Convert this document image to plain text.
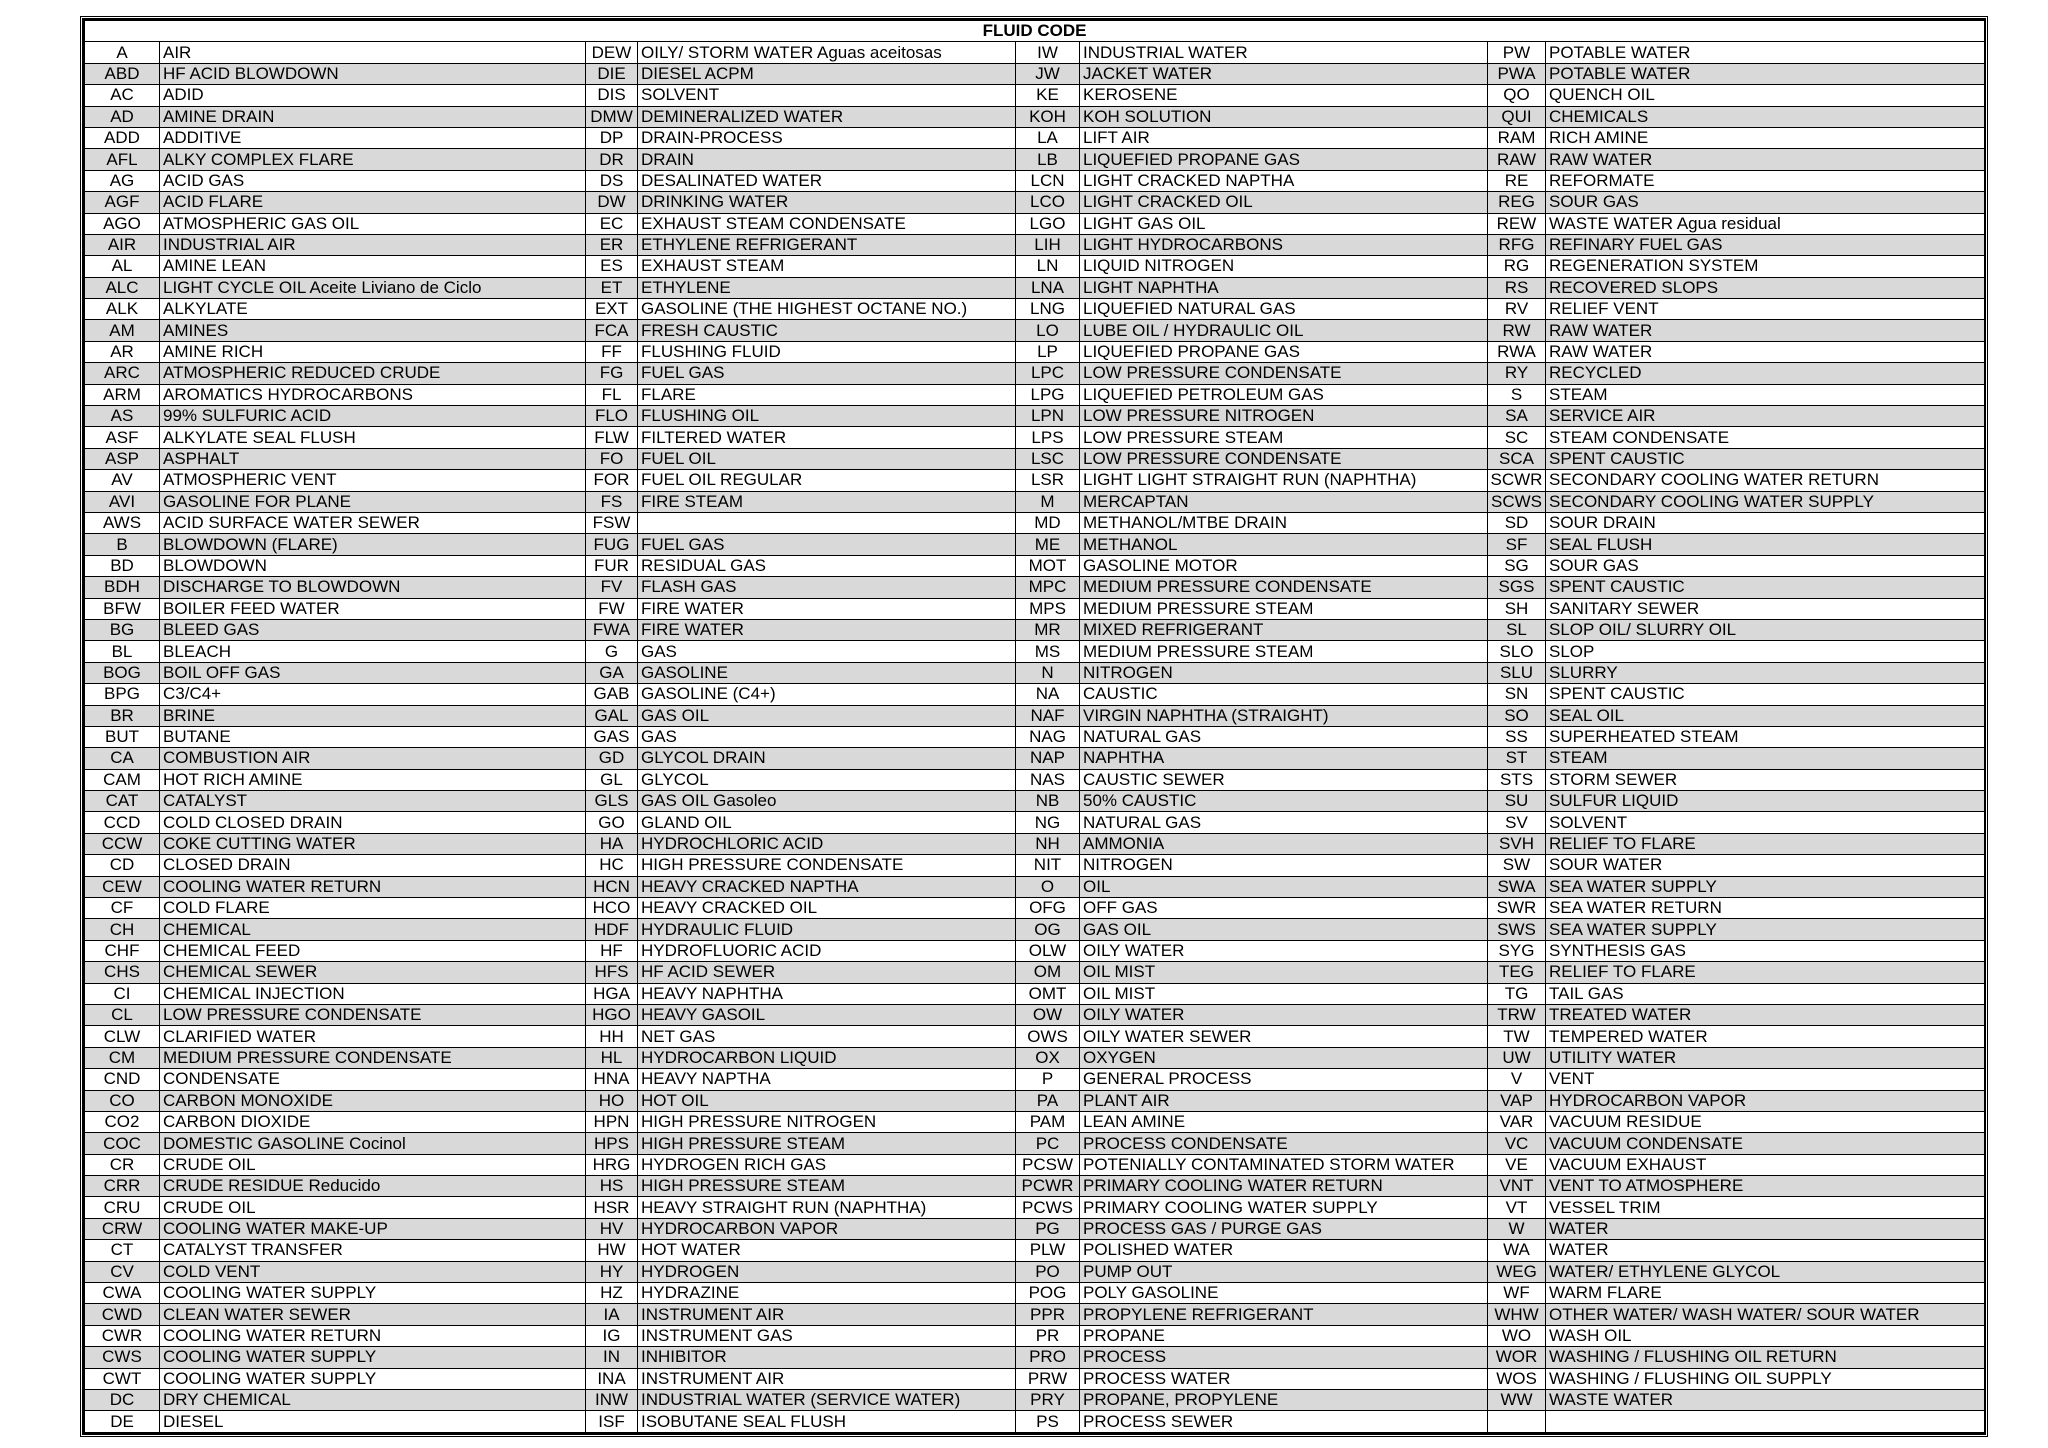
FLUID CODE							
A	AIR	DEW	OILY/ STORM WATER Aguas aceitosas	IW	INDUSTRIAL WATER	PW	POTABLE WATER
ABD	HF ACID BLOWDOWN	DIE	DIESEL ACPM	JW	JACKET WATER	PWA	POTABLE WATER
AC	ADID	DIS	SOLVENT	KE	KEROSENE	QO	QUENCH OIL
AD	AMINE DRAIN	DMW	DEMINERALIZED WATER	KOH	KOH SOLUTION	QUI	CHEMICALS
ADD	ADDITIVE	DP	DRAIN-PROCESS	LA	LIFT AIR	RAM	RICH AMINE
AFL	ALKY COMPLEX FLARE	DR	DRAIN	LB	LIQUEFIED PROPANE GAS	RAW	RAW WATER
AG	ACID GAS	DS	DESALINATED WATER	LCN	LIGHT CRACKED NAPTHA	RE	REFORMATE
AGF	ACID FLARE	DW	DRINKING WATER	LCO	LIGHT CRACKED OIL	REG	SOUR GAS
AGO	ATMOSPHERIC GAS OIL	EC	EXHAUST STEAM CONDENSATE	LGO	LIGHT GAS OIL	REW	WASTE WATER Agua residual
AIR	INDUSTRIAL AIR	ER	ETHYLENE REFRIGERANT	LIH	LIGHT HYDROCARBONS	RFG	REFINARY FUEL GAS
AL	AMINE LEAN	ES	EXHAUST STEAM	LN	LIQUID NITROGEN	RG	REGENERATION SYSTEM
ALC	LIGHT CYCLE OIL Aceite Liviano de Ciclo	ET	ETHYLENE	LNA	LIGHT NAPHTHA	RS	RECOVERED SLOPS
ALK	ALKYLATE	EXT	GASOLINE (THE HIGHEST OCTANE NO.)	LNG	LIQUEFIED NATURAL GAS	RV	RELIEF VENT
AM	AMINES	FCA	FRESH CAUSTIC	LO	LUBE OIL / HYDRAULIC OIL	RW	RAW WATER
AR	AMINE RICH	FF	FLUSHING FLUID	LP	LIQUEFIED PROPANE GAS	RWA	RAW WATER
ARC	ATMOSPHERIC REDUCED CRUDE	FG	FUEL GAS	LPC	LOW PRESSURE CONDENSATE	RY	RECYCLED
ARM	AROMATICS HYDROCARBONS	FL	FLARE	LPG	LIQUEFIED PETROLEUM GAS	S	STEAM
AS	99% SULFURIC ACID	FLO	FLUSHING OIL	LPN	LOW PRESSURE NITROGEN	SA	SERVICE AIR
ASF	ALKYLATE SEAL FLUSH	FLW	FILTERED WATER	LPS	LOW PRESSURE STEAM	SC	STEAM CONDENSATE
ASP	ASPHALT	FO	FUEL OIL	LSC	LOW PRESSURE CONDENSATE	SCA	SPENT CAUSTIC
AV	ATMOSPHERIC VENT	FOR	FUEL OIL REGULAR	LSR	LIGHT LIGHT STRAIGHT RUN (NAPHTHA)	SCWR	SECONDARY COOLING WATER RETURN
AVI	GASOLINE FOR PLANE	FS	FIRE STEAM	M	MERCAPTAN	SCWS	SECONDARY COOLING WATER SUPPLY
AWS	ACID SURFACE WATER SEWER	FSW		MD	METHANOL/MTBE DRAIN	SD	SOUR DRAIN
B	BLOWDOWN (FLARE)	FUG	FUEL GAS	ME	METHANOL	SF	SEAL FLUSH
BD	BLOWDOWN	FUR	RESIDUAL GAS	MOT	GASOLINE MOTOR	SG	SOUR GAS
BDH	DISCHARGE TO BLOWDOWN	FV	FLASH GAS	MPC	MEDIUM PRESSURE CONDENSATE	SGS	SPENT CAUSTIC
BFW	BOILER FEED WATER	FW	FIRE WATER	MPS	MEDIUM PRESSURE STEAM	SH	SANITARY SEWER
BG	BLEED GAS	FWA	FIRE WATER	MR	MIXED REFRIGERANT	SL	SLOP OIL/ SLURRY OIL
BL	BLEACH	G	GAS	MS	MEDIUM PRESSURE STEAM	SLO	SLOP
BOG	BOIL OFF GAS	GA	GASOLINE	N	NITROGEN	SLU	SLURRY
BPG	C3/C4+	GAB	GASOLINE (C4+)	NA	CAUSTIC	SN	SPENT CAUSTIC
BR	BRINE	GAL	GAS OIL	NAF	VIRGIN NAPHTHA (STRAIGHT)	SO	SEAL OIL
BUT	BUTANE	GAS	GAS	NAG	NATURAL GAS	SS	SUPERHEATED STEAM
CA	COMBUSTION AIR	GD	GLYCOL DRAIN	NAP	NAPHTHA	ST	STEAM
CAM	HOT RICH AMINE	GL	GLYCOL	NAS	CAUSTIC SEWER	STS	STORM SEWER
CAT	CATALYST	GLS	GAS OIL Gasoleo	NB	50% CAUSTIC	SU	SULFUR LIQUID
CCD	COLD CLOSED DRAIN	GO	GLAND OIL	NG	NATURAL GAS	SV	SOLVENT
CCW	COKE CUTTING WATER	HA	HYDROCHLORIC ACID	NH	AMMONIA	SVH	RELIEF TO FLARE
CD	CLOSED DRAIN	HC	HIGH PRESSURE CONDENSATE	NIT	NITROGEN	SW	SOUR WATER
CEW	COOLING WATER RETURN	HCN	HEAVY CRACKED NAPTHA	O	OIL	SWA	SEA WATER SUPPLY
CF	COLD FLARE	HCO	HEAVY CRACKED OIL	OFG	OFF GAS	SWR	SEA WATER RETURN
CH	CHEMICAL	HDF	HYDRAULIC FLUID	OG	GAS OIL	SWS	SEA WATER SUPPLY
CHF	CHEMICAL FEED	HF	HYDROFLUORIC ACID	OLW	OILY WATER	SYG	SYNTHESIS GAS
CHS	CHEMICAL SEWER	HFS	HF ACID SEWER	OM	OIL MIST	TEG	RELIEF TO FLARE
CI	CHEMICAL INJECTION	HGA	HEAVY NAPHTHA	OMT	OIL MIST	TG	TAIL GAS
CL	LOW PRESSURE CONDENSATE	HGO	HEAVY GASOIL	OW	OILY WATER	TRW	TREATED WATER
CLW	CLARIFIED WATER	HH	NET GAS	OWS	OILY WATER SEWER	TW	TEMPERED WATER
CM	MEDIUM PRESSURE CONDENSATE	HL	HYDROCARBON LIQUID	OX	OXYGEN	UW	UTILITY WATER
CND	CONDENSATE	HNA	HEAVY NAPTHA	P	GENERAL PROCESS	V	VENT
CO	CARBON MONOXIDE	HO	HOT OIL	PA	PLANT AIR	VAP	HYDROCARBON VAPOR
CO2	CARBON DIOXIDE	HPN	HIGH PRESSURE NITROGEN	PAM	LEAN AMINE	VAR	VACUUM RESIDUE
COC	DOMESTIC GASOLINE Cocinol	HPS	HIGH PRESSURE STEAM	PC	PROCESS CONDENSATE	VC	VACUUM CONDENSATE
CR	CRUDE OIL	HRG	HYDROGEN RICH GAS	PCSW	POTENIALLY CONTAMINATED STORM WATER	VE	VACUUM EXHAUST
CRR	CRUDE RESIDUE Reducido	HS	HIGH PRESSURE STEAM	PCWR	PRIMARY COOLING WATER RETURN	VNT	VENT TO ATMOSPHERE
CRU	CRUDE OIL	HSR	HEAVY STRAIGHT RUN (NAPHTHA)	PCWS	PRIMARY COOLING WATER SUPPLY	VT	VESSEL TRIM
CRW	COOLING WATER MAKE-UP	HV	HYDROCARBON VAPOR	PG	PROCESS GAS / PURGE GAS	W	WATER
CT	CATALYST TRANSFER	HW	HOT WATER	PLW	POLISHED WATER	WA	WATER
CV	COLD VENT	HY	HYDROGEN	PO	PUMP OUT	WEG	WATER/ ETHYLENE GLYCOL
CWA	COOLING WATER SUPPLY	HZ	HYDRAZINE	POG	POLY GASOLINE	WF	WARM FLARE
CWD	CLEAN WATER SEWER	IA	INSTRUMENT AIR	PPR	PROPYLENE REFRIGERANT	WHW	OTHER WATER/ WASH WATER/ SOUR WATER
CWR	COOLING WATER RETURN	IG	INSTRUMENT GAS	PR	PROPANE	WO	WASH OIL
CWS	COOLING WATER SUPPLY	IN	INHIBITOR	PRO	PROCESS	WOR	WASHING / FLUSHING OIL RETURN
CWT	COOLING WATER SUPPLY	INA	INSTRUMENT AIR	PRW	PROCESS WATER	WOS	WASHING / FLUSHING OIL SUPPLY
DC	DRY CHEMICAL	INW	INDUSTRIAL WATER (SERVICE WATER)	PRY	PROPANE, PROPYLENE	WW	WASTE WATER
DE	DIESEL	ISF	ISOBUTANE SEAL FLUSH	PS	PROCESS SEWER		
